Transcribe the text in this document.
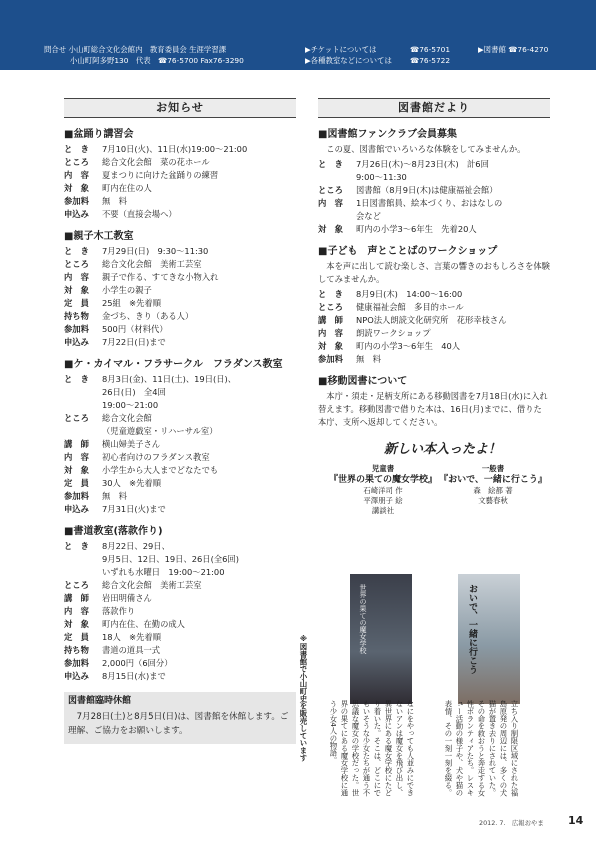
問合せ 小山町総合文化会館内　教育委員会 生涯学習課
小山町阿多野130　代表　☎76-5700 Fax76-3290
▶チケットについては
▶各種教室などについては
☎76-5701
☎76-5722
▶図書館 ☎76-4270
お知らせ
■盆踊り講習会
と　き	7月10日(火)、11日(水)19:00～21:00
ところ	総合文化会館　菜の花ホール
内　容	夏まつりに向けた盆踊りの練習
対　象	町内在住の人
参加料	無　料
申込み	不要（直接会場へ）
■親子木工教室
と　き	7月29日(日)　9:30～11:30
ところ	総合文化会館　美術工芸室
内　容	親子で作る、すてきな小物入れ
対　象	小学生の親子
定　員	25組　※先着順
持ち物	金づち、きり（ある人）
参加料	500円（材料代）
申込み	7月22日(日)まで
■ケ・カイマル・フラサークル　フラダンス教室
と　き	8月3日(金)、11日(土)、19日(日)、
26日(日)　全4回
19:00～21:00
ところ	総合文化会館
（児童遊戯室・リハーサル室）
講　師	横山婦美子さん
内　容	初心者向けのフラダンス教室
対　象	小学生から大人までどなたでも
定　員	30人　※先着順
参加料	無　料
申込み	7月31日(火)まで
■書道教室(落款作り)
と　き	8月22日、29日、
9月5日、12日、19日、26日(全6回)
いずれも水曜日　19:00～21:00
ところ	総合文化会館　美術工芸室
講　師	岩田明備さん
内　容	落款作り
対　象	町内在住、在勤の成人
定　員	18人　※先着順
持ち物	書道の道具一式
参加料	2,000円（6回分）
申込み	8月15日(水)まで
図書館臨時休館
7月28日(土)と8月5日(日)は、図書館を休館します。ご理解、ご協力をお願いします。
図書館だより
■図書館ファンクラブ会員募集
この夏、図書館でいろいろな体験をしてみませんか。
と　き	7月26日(木)～8月23日(木)　計6回
9:00～11:30
ところ	図書館（8月9日(木)は健康福祉会館）
内　容	1日図書館員、絵本づくり、おはなしの
会など
対　象	町内の小学3～6年生　先着20人
■子ども　声とことばのワークショップ
本を声に出して読む楽しさ、言葉の響きのおもしろさを体験してみませんか。
と　き	8月9日(木)　14:00～16:00
ところ	健康福祉会館　多目的ホール
講　師	NPO法人朗読文化研究所　花形幸枝さん
内　容	朗読ワークショップ
対　象	町内の小学3～6年生　40人
参加料	無　料
■移動図書について
本庁・須走・足柄支所にある移動図書を7月18日(水)に入れ替えます。移動図書で借りた本は、16日(月)までに、借りた本庁、支所へ返却してください。
新しい本入ったよ！
児童書
『世界の果ての魔女学校』
石崎洋司 作
平澤朋子 絵
講談社
一般書
『おいで、一緒に行こう』
森　絵都 著
文藝春秋
世界の果ての魔女学校	おいで、一緒に行こう
※図書館で小山町史を販売しています	なにをやっても人並みにできないアンは魔女を飛び出し、異世界にある魔女学校にたどり着いた。そこは、どこにでもいそうな少女たちが通う不思議な魔女の学校だった。世界の果てにある魔女学校に通う少女4人の物語。	立ち入り制限区域にされた福島原発の周辺には、多くの犬猫が置き去りにされていた。その命を救おうと奔走する女性ボランティアたち。レスキュー活動の様子や、犬や猫の表情、その一刻一刻を綴る。
2012. 7.　広報おやま 14
